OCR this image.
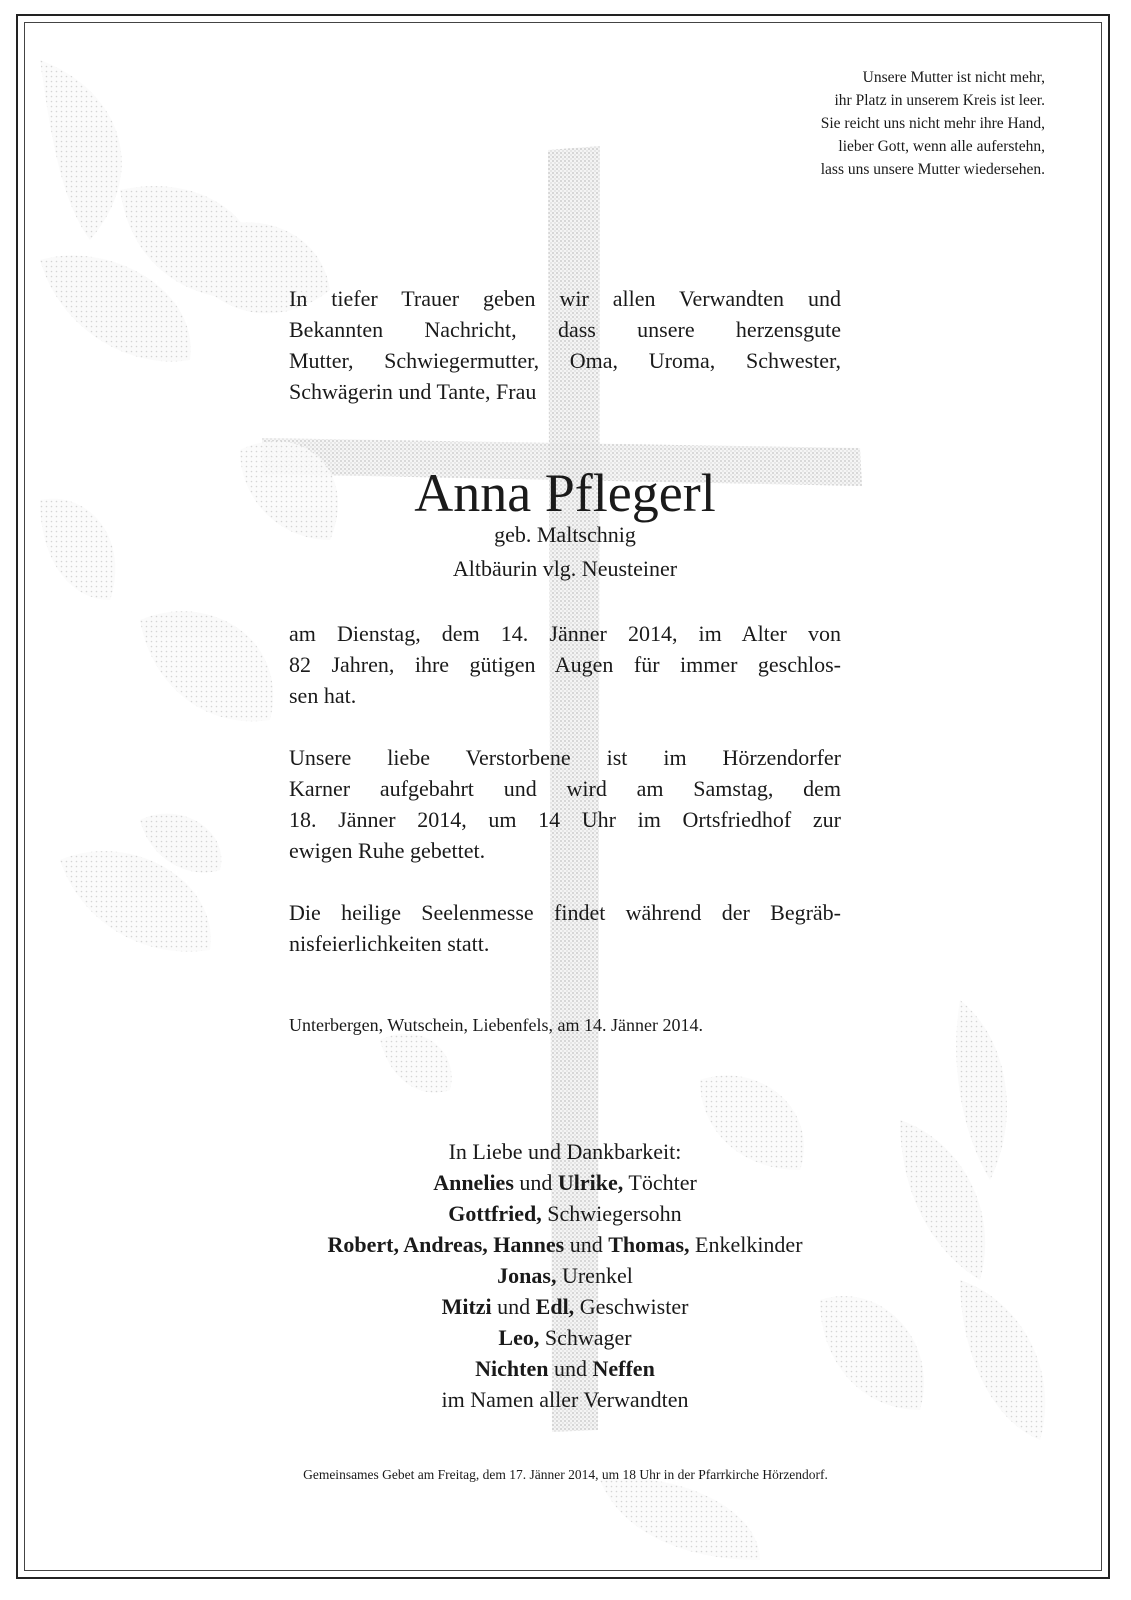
Unsere Mutter ist nicht mehr,
ihr Platz in unserem Kreis ist leer.
Sie reicht uns nicht mehr ihre Hand,
lieber Gott, wenn alle auferstehn,
lass uns unsere Mutter wiedersehen.
In tiefer Trauer geben wir allen Verwandten und
Bekannten Nachricht, dass unsere herzensgute
Mutter, Schwiegermutter, Oma, Uroma, Schwester,
Schwägerin und Tante, Frau
Anna Pflegerl
geb. Maltschnig
Altbäurin vlg. Neusteiner
am Dienstag, dem 14. Jänner 2014, im Alter von
82 Jahren, ihre gütigen Augen für immer geschlos-
sen hat.
Unsere liebe Verstorbene ist im Hörzendorfer
Karner aufgebahrt und wird am Samstag, dem
18. Jänner 2014, um 14 Uhr im Ortsfriedhof zur
ewigen Ruhe gebettet.
Die heilige Seelenmesse findet während der Begräb-
nisfeierlichkeiten statt.
Unterbergen, Wutschein, Liebenfels, am 14. Jänner 2014.
In Liebe und Dankbarkeit:
Annelies und Ulrike, Töchter
Gottfried, Schwiegersohn
Robert, Andreas, Hannes und Thomas, Enkelkinder
Jonas, Urenkel
Mitzi und Edl, Geschwister
Leo, Schwager
Nichten und Neffen
im Namen aller Verwandten
Gemeinsames Gebet am Freitag, dem 17. Jänner 2014, um 18 Uhr in der Pfarrkirche Hörzendorf.
